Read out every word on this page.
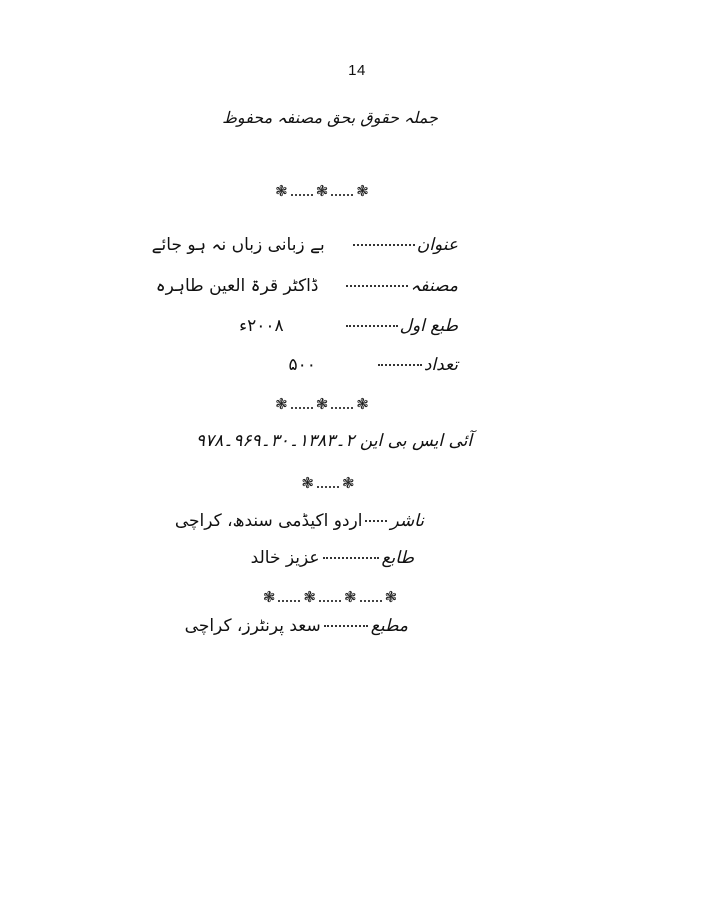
14
جملہ حقوق بحق مصنفہ محفوظ
❃ ❃ ❃
عنوان
بے زبانی زباں نہ ہو جائے
مصنفہ
ڈاکٹر قرۃ العین طاہرہ
طبع اول
۲۰۰۸ء
تعداد
۵۰۰
❃ ❃ ❃
آئی ایس بی این ۲۔۱۳۸۳۔۳۰۔۹۶۹۔۹۷۸
❃ ❃
ناشر
اردو اکیڈمی سندھ، کراچی
طابع
عزیز خالد
❃ ❃ ❃ ❃
مطبع
سعد پرنٹرز، کراچی
